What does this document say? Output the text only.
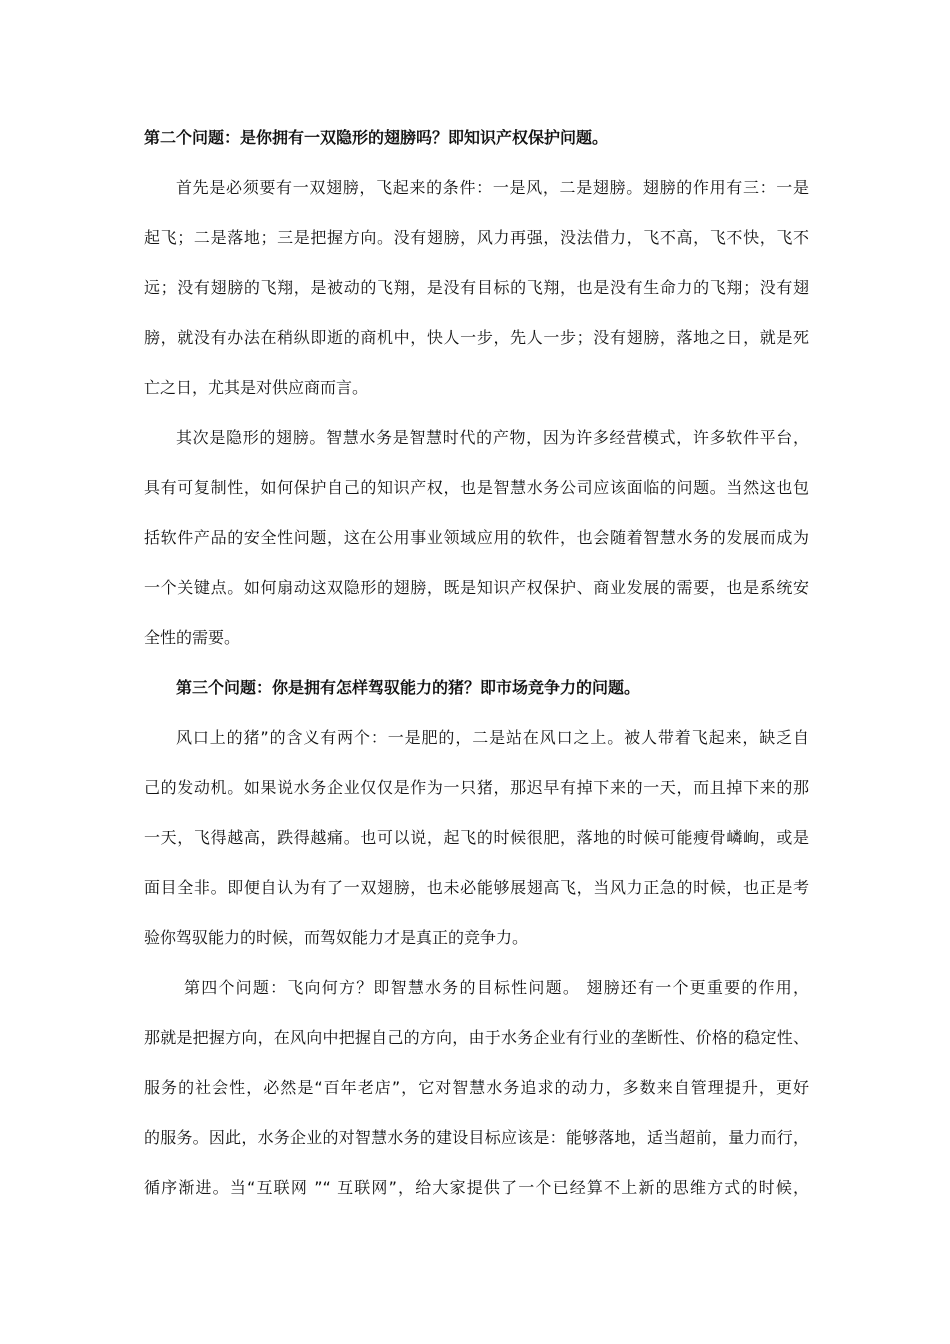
第二个问题：是你拥有一双隐形的翅膀吗？即知识产权保护问题。
首先是必须要有一双翅膀，飞起来的条件：一是风，二是翅膀。翅膀的作用有三：一是
起飞；二是落地；三是把握方向。没有翅膀，风力再强，没法借力，飞不高，飞不快，飞不
远；没有翅膀的飞翔，是被动的飞翔，是没有目标的飞翔，也是没有生命力的飞翔；没有翅
膀，就没有办法在稍纵即逝的商机中，快人一步，先人一步；没有翅膀，落地之日，就是死
亡之日，尤其是对供应商而言。
其次是隐形的翅膀。智慧水务是智慧时代的产物，因为许多经营模式，许多软件平台，
具有可复制性，如何保护自己的知识产权，也是智慧水务公司应该面临的问题。当然这也包
括软件产品的安全性问题，这在公用事业领域应用的软件，也会随着智慧水务的发展而成为
一个关键点。如何扇动这双隐形的翅膀，既是知识产权保护、商业发展的需要，也是系统安
全性的需要。
第三个问题：你是拥有怎样驾驭能力的猪？即市场竞争力的问题。
风口上的猪”的含义有两个：一是肥的，二是站在风口之上。被人带着飞起来，缺乏自
己的发动机。如果说水务企业仅仅是作为一只猪，那迟早有掉下来的一天，而且掉下来的那
一天，飞得越高，跌得越痛。也可以说，起飞的时候很肥，落地的时候可能瘦骨嶙峋，或是
面目全非。即便自认为有了一双翅膀，也未必能够展翅高飞，当风力正急的时候，也正是考
验你驾驭能力的时候，而驾奴能力才是真正的竞争力。
第四个问题：飞向何方？即智慧水务的目标性问题。 翅膀还有一个更重要的作用，
那就是把握方向，在风向中把握自己的方向，由于水务企业有行业的垄断性、价格的稳定性、
服务的社会性，必然是“百年老店”，它对智慧水务追求的动力，多数来自管理提升，更好
的服务。因此，水务企业的对智慧水务的建设目标应该是：能够落地，适当超前，量力而行，
循序渐进。当“互联网 ”“ 互联网”，给大家提供了一个已经算不上新的思维方式的时候，
